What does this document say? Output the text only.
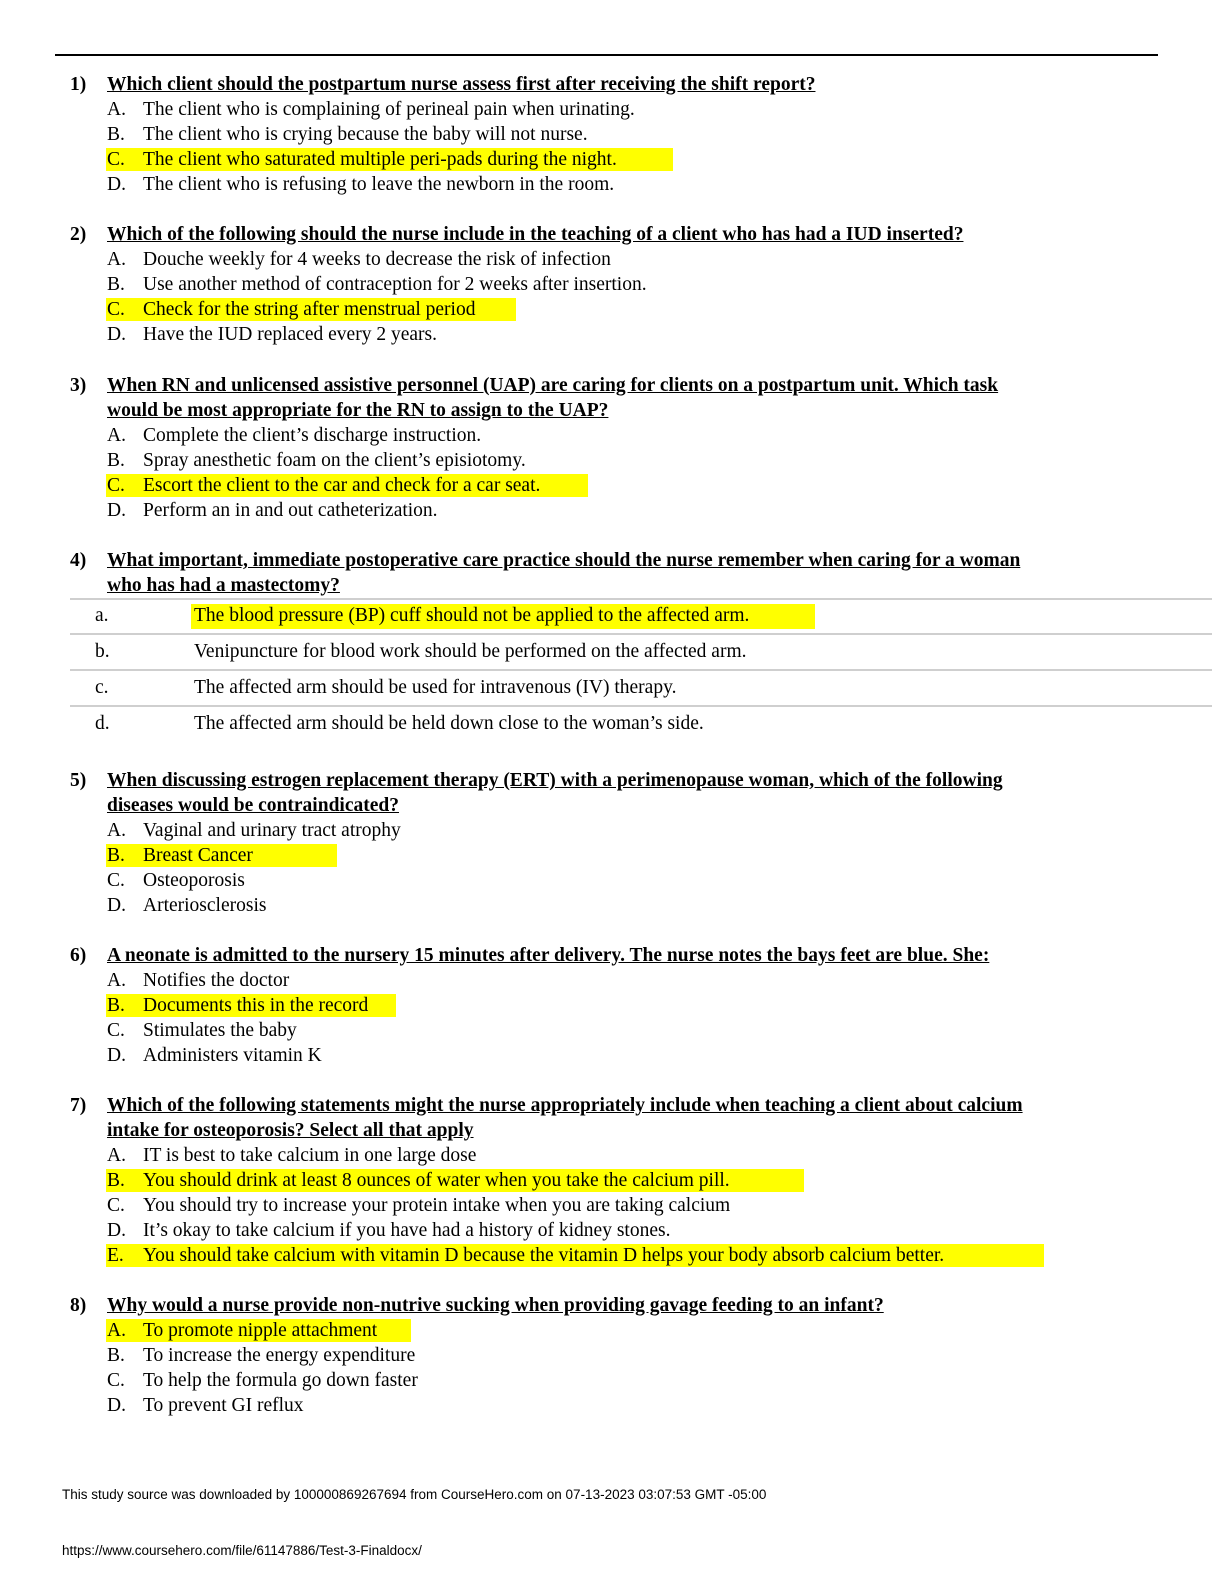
1) Which client should the postpartum nurse assess first after receiving the shift report?
A. The client who is complaining of perineal pain when urinating.
B. The client who is crying because the baby will not nurse.
C. The client who saturated multiple peri-pads during the night.
D. The client who is refusing to leave the newborn in the room.
2) Which of the following should the nurse include in the teaching of a client who has had a IUD inserted?
A. Douche weekly for 4 weeks to decrease the risk of infection
B. Use another method of contraception for 2 weeks after insertion.
C. Check for the string after menstrual period
D. Have the IUD replaced every 2 years.
3) When RN and unlicensed assistive personnel (UAP) are caring for clients on a postpartum unit. Which task
would be most appropriate for the RN to assign to the UAP?
A. Complete the client’s discharge instruction.
B. Spray anesthetic foam on the client’s episiotomy.
C. Escort the client to the car and check for a car seat.
D. Perform an in and out catheterization.
4) What important, immediate postoperative care practice should the nurse remember when caring for a woman
who has had a mastectomy?
a.	The blood pressure (BP) cuff should not be applied to the affected arm.
b.	Venipuncture for blood work should be performed on the affected arm.
c.	The affected arm should be used for intravenous (IV) therapy.
d.	The affected arm should be held down close to the woman’s side.
5) When discussing estrogen replacement therapy (ERT) with a perimenopause woman, which of the following
diseases would be contraindicated?
A. Vaginal and urinary tract atrophy
B. Breast Cancer
C. Osteoporosis
D. Arteriosclerosis
6) A neonate is admitted to the nursery 15 minutes after delivery. The nurse notes the bays feet are blue. She:
A. Notifies the doctor
B. Documents this in the record
C. Stimulates the baby
D. Administers vitamin K
7) Which of the following statements might the nurse appropriately include when teaching a client about calcium
intake for osteoporosis? Select all that apply
A. IT is best to take calcium in one large dose
B. You should drink at least 8 ounces of water when you take the calcium pill.
C. You should try to increase your protein intake when you are taking calcium
D. It’s okay to take calcium if you have had a history of kidney stones.
E. You should take calcium with vitamin D because the vitamin D helps your body absorb calcium better.
8) Why would a nurse provide non-nutrive sucking when providing gavage feeding to an infant?
A. To promote nipple attachment
B. To increase the energy expenditure
C. To help the formula go down faster
D. To prevent GI reflux
This study source was downloaded by 100000869267694 from CourseHero.com on 07-13-2023 03:07:53 GMT -05:00
https://www.coursehero.com/file/61147886/Test-3-Finaldocx/
